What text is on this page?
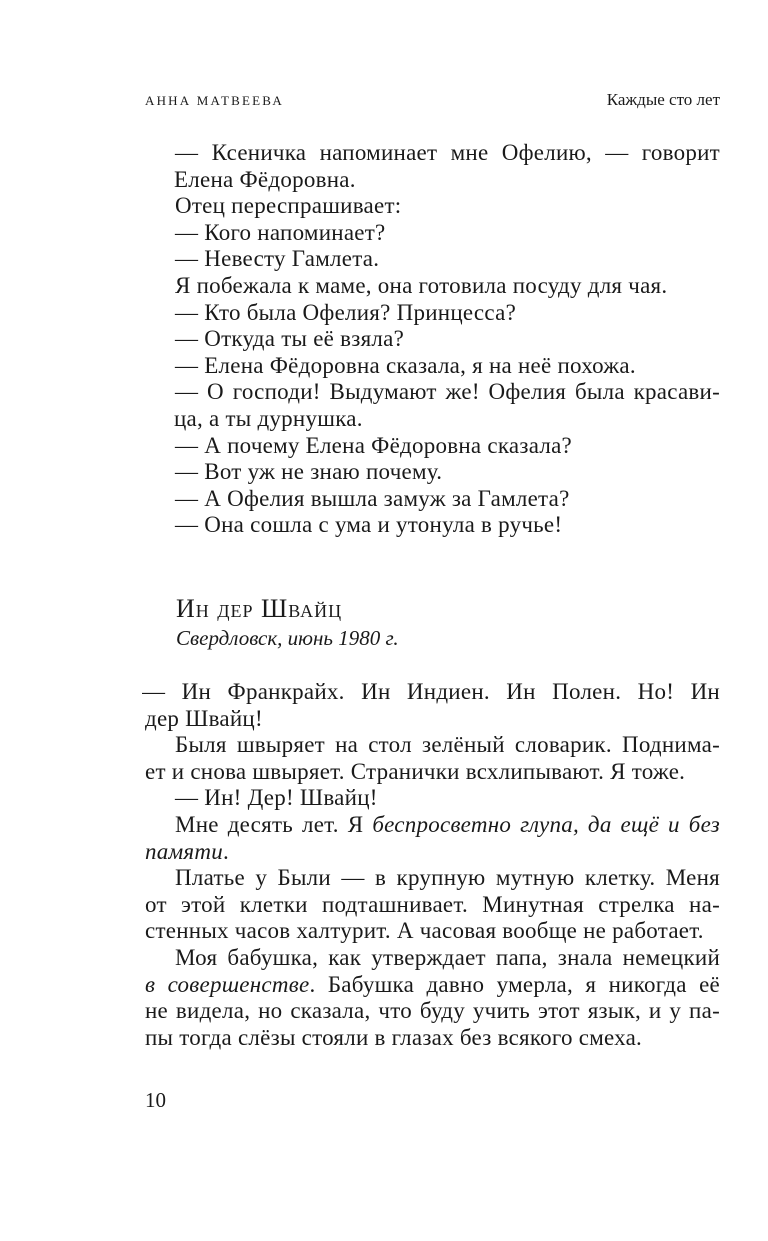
АННА МАТВЕЕВА	Каждые сто лет
— Ксеничка напоминает мне Офелию, — говорит
Елена Фёдоровна.
Отец переспрашивает:
— Кого напоминает?
— Невесту Гамлета.
Я побежала к маме, она готовила посуду для чая.
— Кто была Офелия? Принцесса?
— Откуда ты её взяла?
— Елена Фёдоровна сказала, я на неё похожа.
— О господи! Выдумают же! Офелия была красави-
ца, а ты дурнушка.
— А почему Елена Фёдоровна сказала?
— Вот уж не знаю почему.
— А Офелия вышла замуж за Гамлета?
— Она сошла с ума и утонула в ручье!
Ин дер Швайц
Свердловск, июнь 1980 г.
— Ин Франкрайх. Ин Индиен. Ин Полен. Но! Ин
дер Швайц!
Быля швыряет на стол зелёный словарик. Поднима-
ет и снова швыряет. Странички всхлипывают. Я тоже.
— Ин! Дер! Швайц!
Мне десять лет. Я беспросветно глупа, да ещё и без
памяти.
Платье у Были — в крупную мутную клетку. Меня
от этой клетки подташнивает. Минутная стрелка на-
стенных часов халтурит. А часовая вообще не работает.
Моя бабушка, как утверждает папа, знала немецкий
в совершенстве. Бабушка давно умерла, я никогда её
не видела, но сказала, что буду учить этот язык, и у па-
пы тогда слёзы стояли в глазах без всякого смеха.
10
